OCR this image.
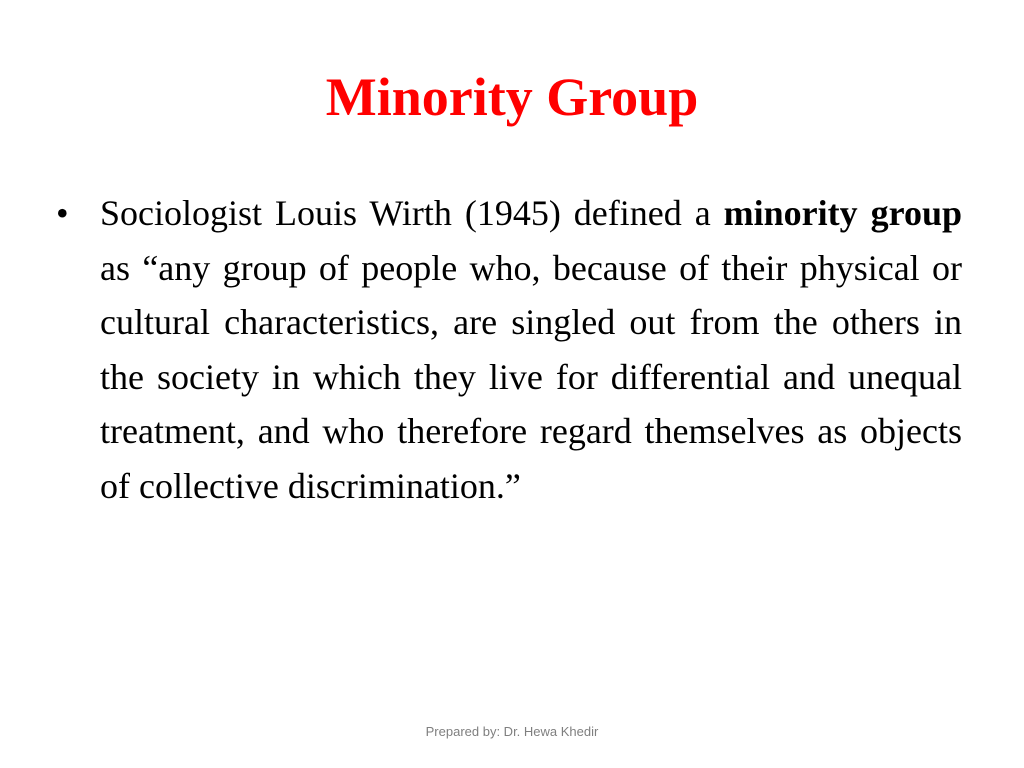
Minority Group
• Sociologist Louis Wirth (1945) defined a minority group as “any group of people who, because of their physical or cultural characteristics, are singled out from the others in the society in which they live for differential and unequal treatment, and who therefore regard themselves as objects of collective discrimination.”
Prepared by: Dr. Hewa Khedir
